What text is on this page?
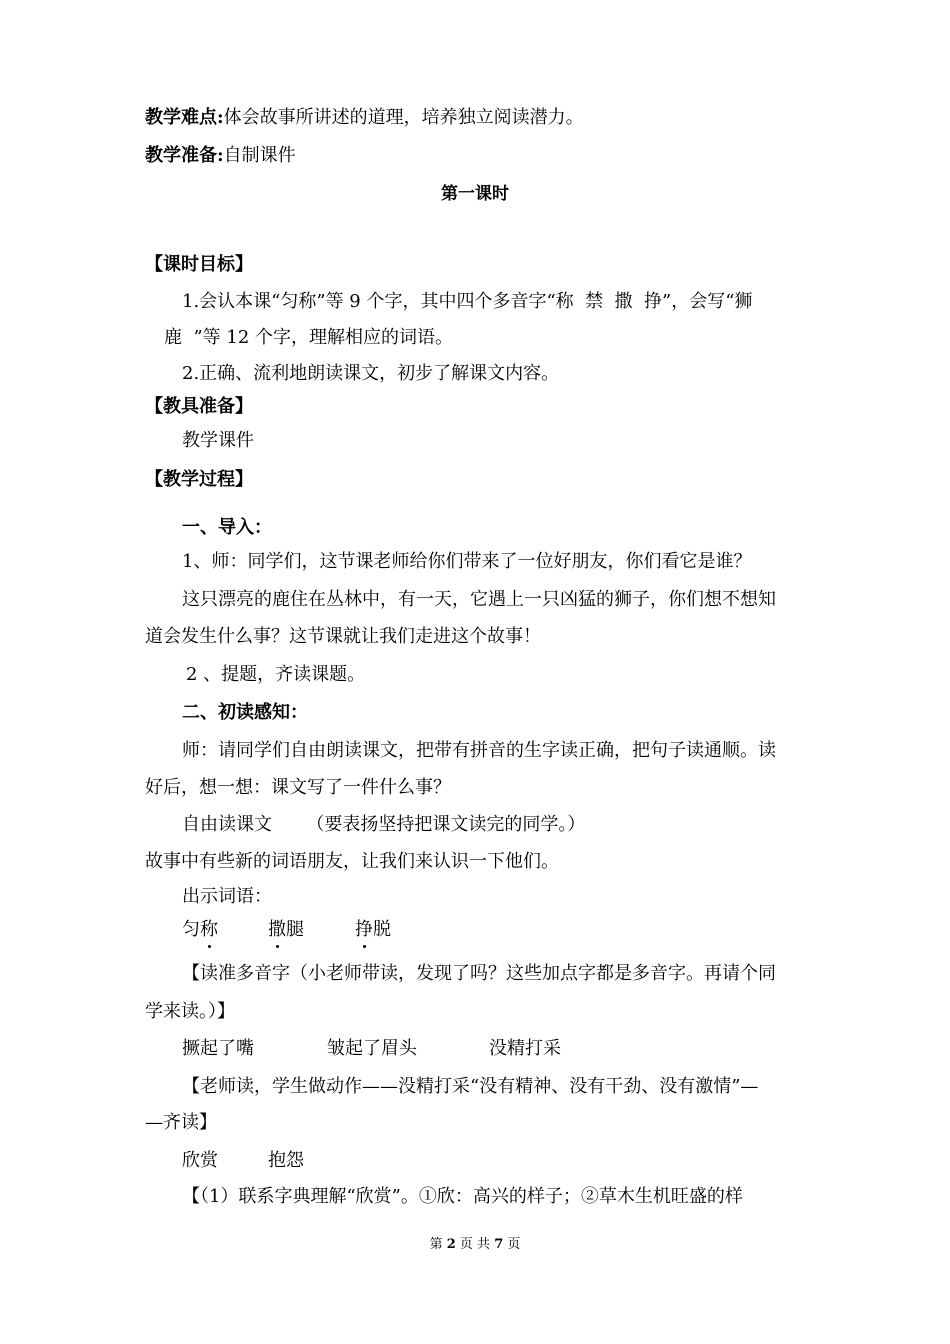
教学难点:体会故事所讲述的道理，培养独立阅读潜力。
教学准备:自制课件
第一课时
【课时目标】
1.会认本课“匀称”等 9 个字，其中四个多音字“称  禁  撒  挣”，会写“狮
鹿  ”等 12 个字，理解相应的词语。
2.正确、流利地朗读课文，初步了解课文内容。
【教具准备】
教学课件
【教学过程】
一、导入：
1、师：同学们，这节课老师给你们带来了一位好朋友，你们看它是谁？
这只漂亮的鹿住在丛林中，有一天，它遇上一只凶猛的狮子，你们想不想知
道会发生什么事？这节课就让我们走进这个故事！
2 、提题，齐读课题。
二、初读感知：
师：请同学们自由朗读课文，把带有拼音的生字读正确，把句子读通顺。读
好后，想一想：课文写了一件什么事？
自由读课文      （要表扬坚持把课文读完的同学。）
故事中有些新的词语朋友，让我们来认识一下他们。
出示词语：
匀称	撒腿	挣脱
【读准多音字（小老师带读，发现了吗？这些加点字都是多音字。再请个同
学来读。）】
撅起了嘴	皱起了眉头	没精打采
【老师读，学生做动作——没精打采“没有精神、没有干劲、没有激情”—
—齐读】
欣赏	抱怨
【（1）联系字典理解“欣赏”。①欣：高兴的样子；②草木生机旺盛的样
第 2 页 共 7 页
